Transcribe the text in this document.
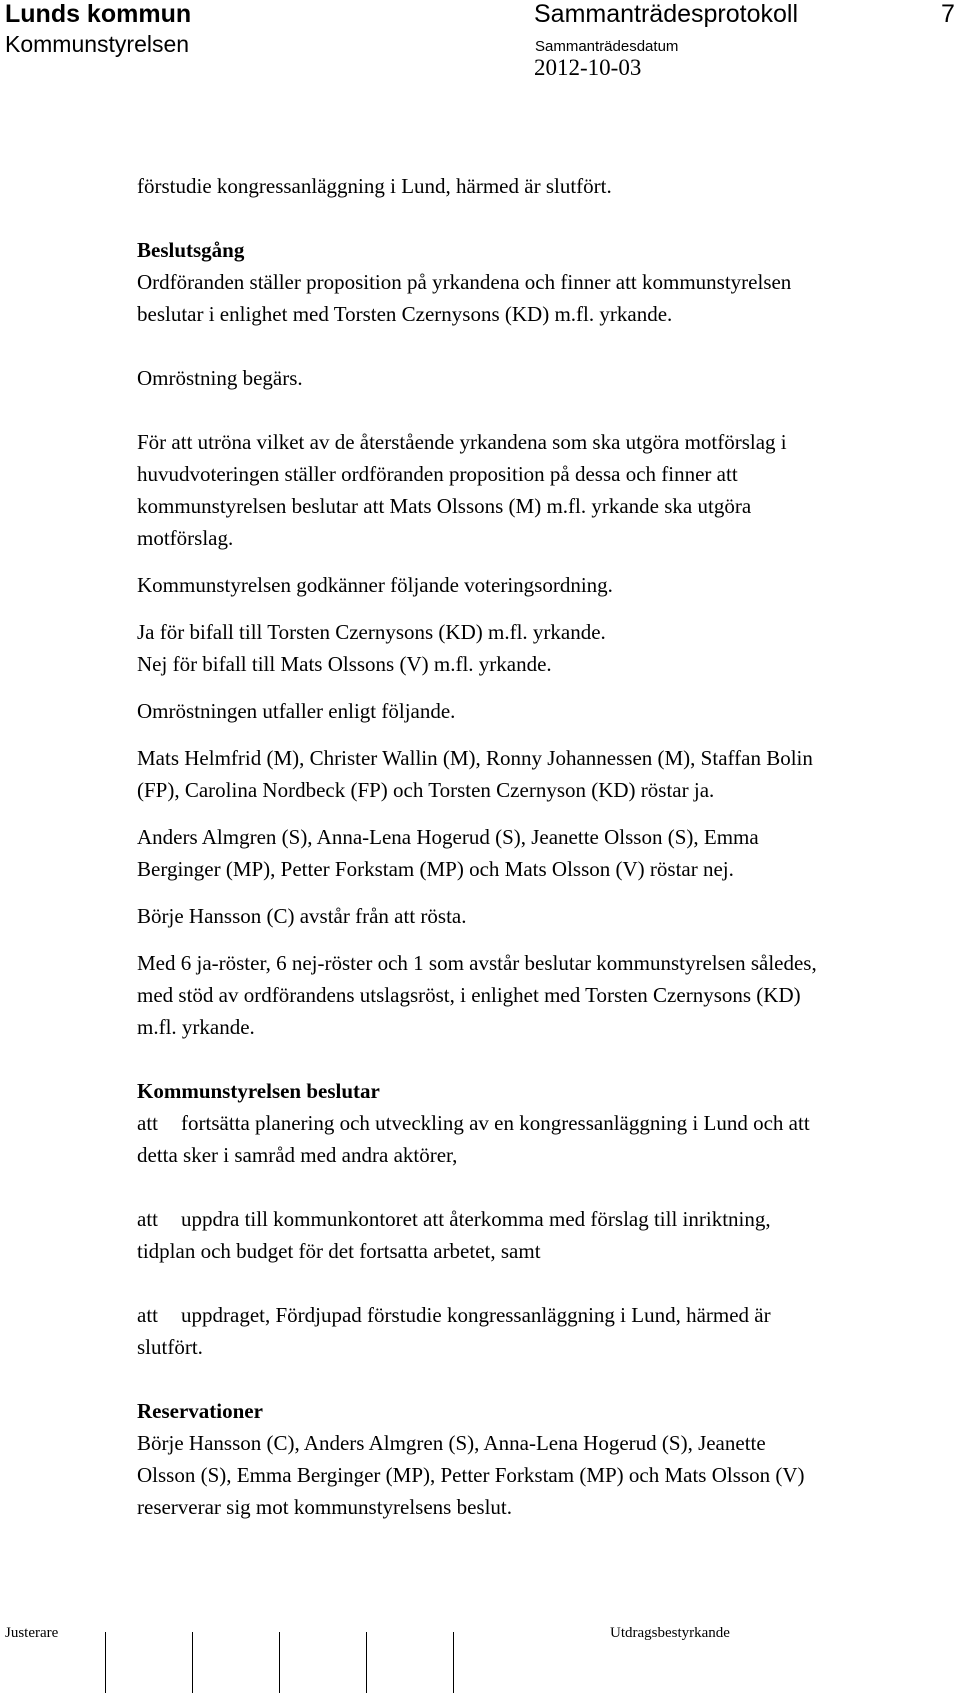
Lunds kommun
Kommunstyrelsen
Sammanträdesprotokoll	7
Sammanträdesdatum
2012-10-03

förstudie kongressanläggning i Lund, härmed är slutfört.

Beslutsgång
Ordföranden ställer proposition på yrkandena och finner att kommunstyrelsen
beslutar i enlighet med Torsten Czernysons (KD) m.fl. yrkande.

Omröstning begärs.

För att utröna vilket av de återstående yrkandena som ska utgöra motförslag i
huvudvoteringen ställer ordföranden proposition på dessa och finner att
kommunstyrelsen beslutar att Mats Olssons (M) m.fl. yrkande ska utgöra
motförslag.

Kommunstyrelsen godkänner följande voteringsordning.

Ja för bifall till Torsten Czernysons (KD) m.fl. yrkande.
Nej för bifall till Mats Olssons (V) m.fl. yrkande.

Omröstningen utfaller enligt följande.

Mats Helmfrid (M), Christer Wallin (M), Ronny Johannessen (M), Staffan Bolin
(FP), Carolina Nordbeck (FP) och Torsten Czernyson (KD) röstar ja.

Anders Almgren (S), Anna-Lena Hogerud (S), Jeanette Olsson (S), Emma
Berginger (MP), Petter Forkstam (MP) och Mats Olsson (V) röstar nej.

Börje Hansson (C) avstår från att rösta.

Med 6 ja-röster, 6 nej-röster och 1 som avstår beslutar kommunstyrelsen således,
med stöd av ordförandens utslagsröst, i enlighet med Torsten Czernysons (KD)
m.fl. yrkande.

Kommunstyrelsen beslutar
att fortsätta planering och utveckling av en kongressanläggning i Lund och att
detta sker i samråd med andra aktörer,

att uppdra till kommunkontoret att återkomma med förslag till inriktning,
tidplan och budget för det fortsatta arbetet, samt

att uppdraget, Fördjupad förstudie kongressanläggning i Lund, härmed är
slutfört.

Reservationer
Börje Hansson (C), Anders Almgren (S), Anna-Lena Hogerud (S), Jeanette
Olsson (S), Emma Berginger (MP), Petter Forkstam (MP) och Mats Olsson (V)
reserverar sig mot kommunstyrelsens beslut.

Justerare	Utdragsbestyrkande
